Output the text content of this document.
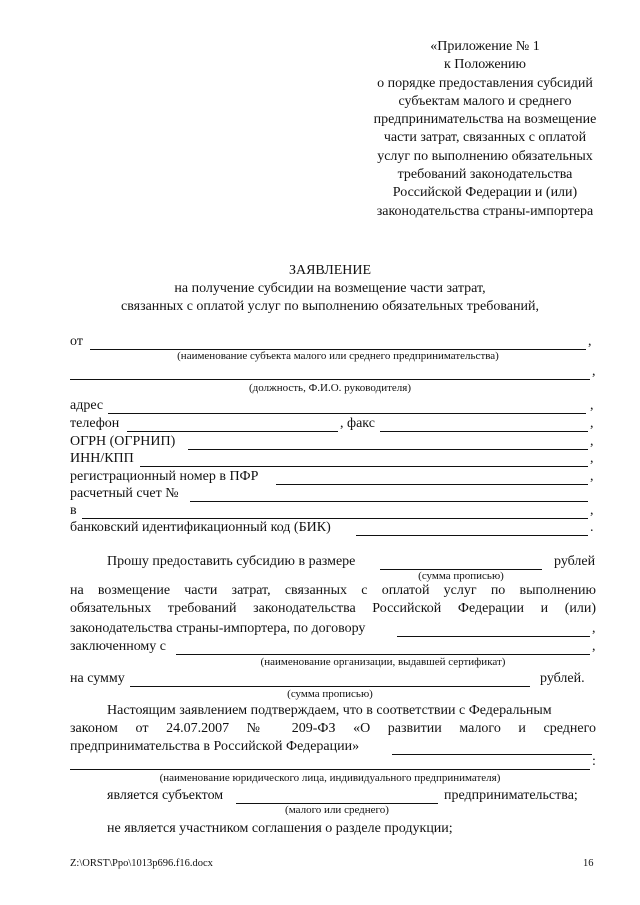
«Приложение № 1
к Положению
о порядке предоставления субсидий
субъектам малого и среднего
предпринимательства на возмещение
части затрат, связанных с оплатой
услуг по выполнению обязательных
требований законодательства
Российской Федерации и (или)
законодательства страны-импортера
ЗАЯВЛЕНИЕ
на получение субсидии на возмещение части затрат,
связанных с оплатой услуг по выполнению обязательных требований,
от	,
(наименование субъекта малого или среднего предпринимательства)
,
(должность, Ф.И.О. руководителя)
адрес	,
телефон	, факс	,
ОГРН (ОГРНИП)	,
ИНН/КПП	,
регистрационный номер в ПФР	,
расчетный счет №
в	,
банковский идентификационный код (БИК)	.
Прошу предоставить субсидию в размере	рублей
(сумма прописью)
на возмещение части затрат, связанных с оплатой услуг по выполнению
обязательных требований законодательства Российской Федерации и (или)
законодательства страны-импортера, по договору	,
заключенному с	,
(наименование организации, выдавшей сертификат)
на сумму	рублей.
(сумма прописью)
Настоящим заявлением подтверждаем, что в соответствии с Федеральным
законом от 24.07.2007 № 209-ФЗ «О развитии малого и среднего
предпринимательства в Российской Федерации»
:
(наименование юридического лица, индивидуального предпринимателя)
является субъектом	предпринимательства;
(малого или среднего)
не является участником соглашения о разделе продукции;
Z:\ORST\Ppo\1013p696.f16.docx	16
